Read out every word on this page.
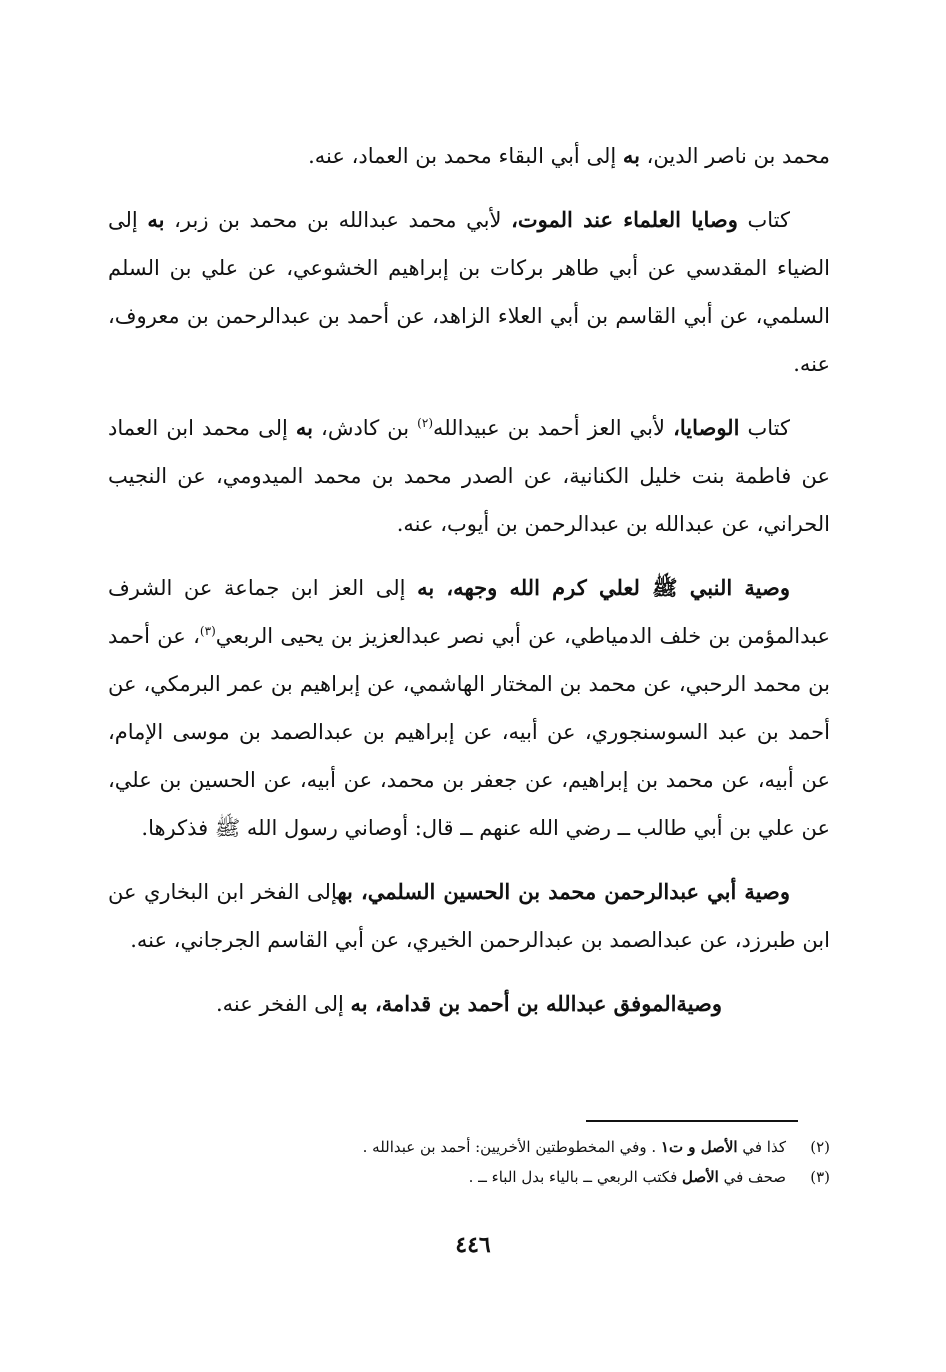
محمد بن ناصر الدين، به إلى أبي البقاء محمد بن العماد، عنه.

كتاب وصايا العلماء عند الموت، لأبي محمد عبدالله بن محمد بن زبر، به إلى الضياء المقدسي عن أبي طاهر بركات بن إبراهيم الخشوعي، عن علي بن السلم السلمي، عن أبي القاسم بن أبي العلاء الزاهد، عن أحمد بن عبدالرحمن بن معروف، عنه.

كتاب الوصايا، لأبي العز أحمد بن عبيدالله$^{(٢)}$ بن كادش، به إلى محمد ابن العماد عن فاطمة بنت خليل الكنانية، عن الصدر محمد بن محمد الميدومي، عن النجيب الحراني، عن عبدالله بن عبدالرحمن بن أيوب، عنه.

وصية النبي ﷺ لعلي كرم الله وجهه، به إلى العز ابن جماعة عن الشرف عبدالمؤمن بن خلف الدمياطي، عن أبي نصر عبدالعزيز بن يحيى الربعي$^{(٣)}$، عن أحمد بن محمد الرحبي، عن محمد بن المختار الهاشمي، عن إبراهيم بن عمر البرمكي، عن أحمد بن عبد السوسنجوري، عن أبيه، عن إبراهيم بن عبدالصمد بن موسى الإمام، عن أبيه، عن محمد بن إبراهيم، عن جعفر بن محمد، عن أبيه، عن الحسين بن علي، عن علي بن أبي طالب ــ رضي الله عنهم ــ قال: أوصاني رسول الله ﷺ فذكرها.

وصية أبي عبدالرحمن محمد بن الحسين السلمي، بهإلى الفخر ابن البخاري عن ابن طبرزد، عن عبدالصمد بن عبدالرحمن الخيري، عن أبي القاسم الجرجاني، عنه.

وصيةالموفق عبدالله بن أحمد بن قدامة، به إلى الفخر عنه.

(٢)
كذا في الأصل و ت١ . وفي المخطوطتين الأخريين: أحمد بن عبدالله .
(٣)
صحف في الأصل فكتب الربعي ــ بالياء بدل الباء ــ .
٤٤٦
